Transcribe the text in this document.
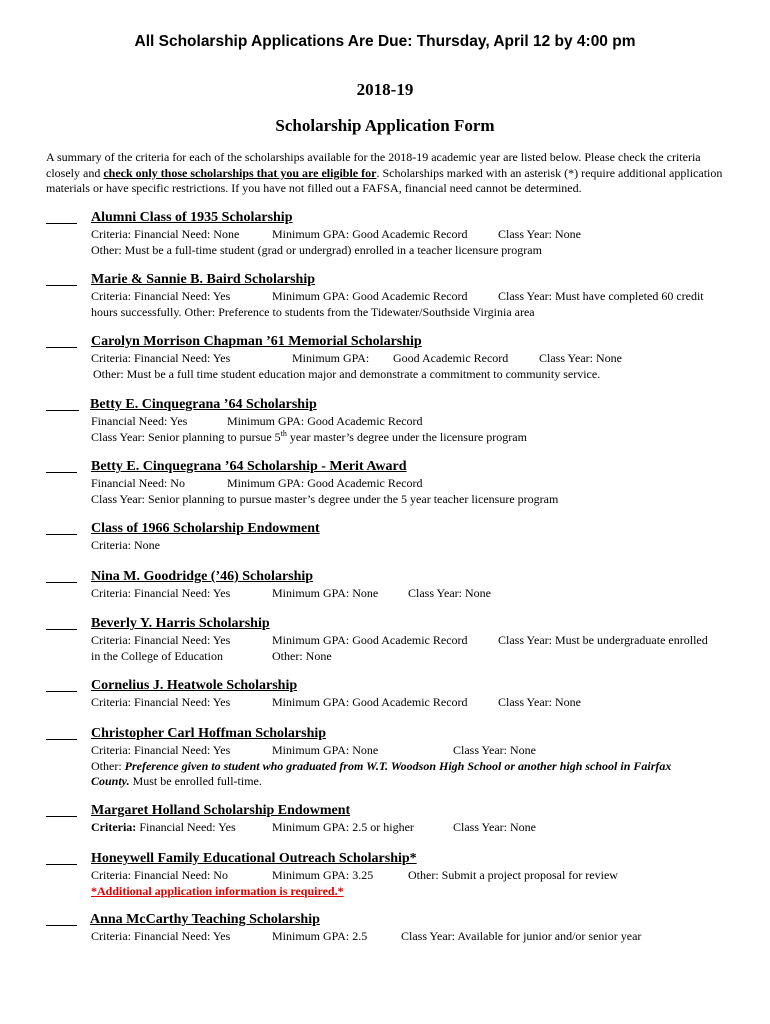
All Scholarship Applications Are Due: Thursday, April 12 by 4:00 pm
2018-19
Scholarship Application Form
A summary of the criteria for each of the scholarships available for the 2018-19 academic year are listed below. Please check the criteria closely and check only those scholarships that you are eligible for. Scholarships marked with an asterisk (*) require additional application materials or have specific restrictions. If you have not filled out a FAFSA, financial need cannot be determined.
Alumni Class of 1935 Scholarship
Criteria: Financial Need: None	Minimum GPA: Good Academic Record	Class Year: None
Other: Must be a full-time student (grad or undergrad) enrolled in a teacher licensure program
Marie & Sannie B. Baird Scholarship
Criteria: Financial Need: Yes	Minimum GPA: Good Academic Record	Class Year: Must have completed 60 credit
hours successfully. Other: Preference to students from the Tidewater/Southside Virginia area
Carolyn Morrison Chapman ’61 Memorial Scholarship
Criteria: Financial Need: Yes	Minimum GPA: Good Academic Record	Class Year: None
Other: Must be a full time student education major and demonstrate a commitment to community service.
Betty E. Cinquegrana ’64 Scholarship
Financial Need: Yes	Minimum GPA: Good Academic Record
Class Year: Senior planning to pursue 5th year master’s degree under the licensure program
Betty E. Cinquegrana ’64 Scholarship - Merit Award
Financial Need: No	Minimum GPA: Good Academic Record
Class Year: Senior planning to pursue master’s degree under the 5 year teacher licensure program
Class of 1966 Scholarship Endowment
Criteria: None
Nina M. Goodridge (’46) Scholarship
Criteria: Financial Need: Yes	Minimum GPA: None Class Year: None
Beverly Y. Harris Scholarship
Criteria: Financial Need: Yes	Minimum GPA: Good Academic Record	Class Year: Must be undergraduate enrolled
in the College of Education	Other: None
Cornelius J. Heatwole Scholarship
Criteria: Financial Need: Yes	Minimum GPA: Good Academic Record	Class Year: None
Christopher Carl Hoffman Scholarship
Criteria: Financial Need: Yes	Minimum GPA: None	Class Year: None
Other: Preference given to student who graduated from W.T. Woodson High School or another high school in Fairfax
County. Must be enrolled full-time.
Margaret Holland Scholarship Endowment
Criteria: Financial Need: Yes	Minimum GPA: 2.5 or higher	Class Year: None
Honeywell Family Educational Outreach Scholarship*
Criteria: Financial Need: No	Minimum GPA: 3.25	Other: Submit a project proposal for review
*Additional application information is required.*
Anna McCarthy Teaching Scholarship
Criteria: Financial Need: Yes	Minimum GPA: 2.5	Class Year: Available for junior and/or senior year
